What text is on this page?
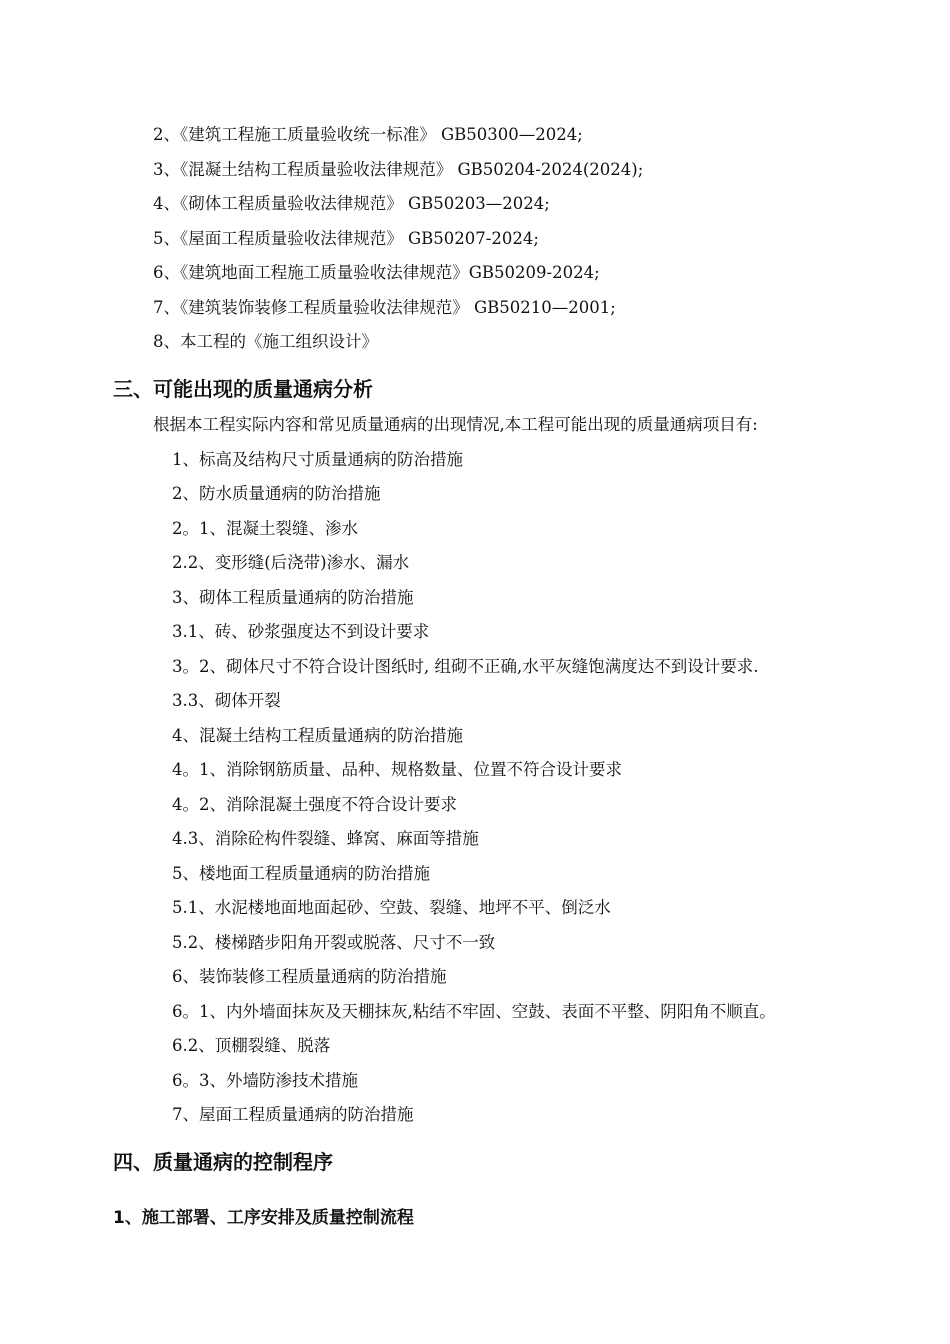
2、《建筑工程施工质量验收统一标准》 GB50300—2024;
3、《混凝土结构工程质量验收法律规范》 GB50204-2024(2024);
4、《砌体工程质量验收法律规范》 GB50203—2024;
5、《屋面工程质量验收法律规范》 GB50207-2024;
6、《建筑地面工程施工质量验收法律规范》GB50209-2024;
7、《建筑装饰装修工程质量验收法律规范》 GB50210—2001;
8、本工程的《施工组织设计》
三、可能出现的质量通病分析
根据本工程实际内容和常见质量通病的出现情况,本工程可能出现的质量通病项目有:
1、标高及结构尺寸质量通病的防治措施
2、防水质量通病的防治措施
2。1、混凝土裂缝、渗水
2.2、变形缝(后浇带)渗水、漏水
3、砌体工程质量通病的防治措施
3.1、砖、砂浆强度达不到设计要求
3。2、砌体尺寸不符合设计图纸时, 组砌不正确,水平灰缝饱满度达不到设计要求.
3.3、砌体开裂
4、混凝土结构工程质量通病的防治措施
4。1、消除钢筋质量、品种、规格数量、位置不符合设计要求
4。2、消除混凝土强度不符合设计要求
4.3、消除砼构件裂缝、蜂窝、麻面等措施
5、楼地面工程质量通病的防治措施
5.1、水泥楼地面地面起砂、空鼓、裂缝、地坪不平、倒泛水
5.2、楼梯踏步阳角开裂或脱落、尺寸不一致
6、装饰装修工程质量通病的防治措施
6。1、内外墙面抹灰及天棚抹灰,粘结不牢固、空鼓、表面不平整、阴阳角不顺直。
6.2、顶棚裂缝、脱落
6。3、外墙防渗技术措施
7、屋面工程质量通病的防治措施
四、质量通病的控制程序
1、施工部署、工序安排及质量控制流程
